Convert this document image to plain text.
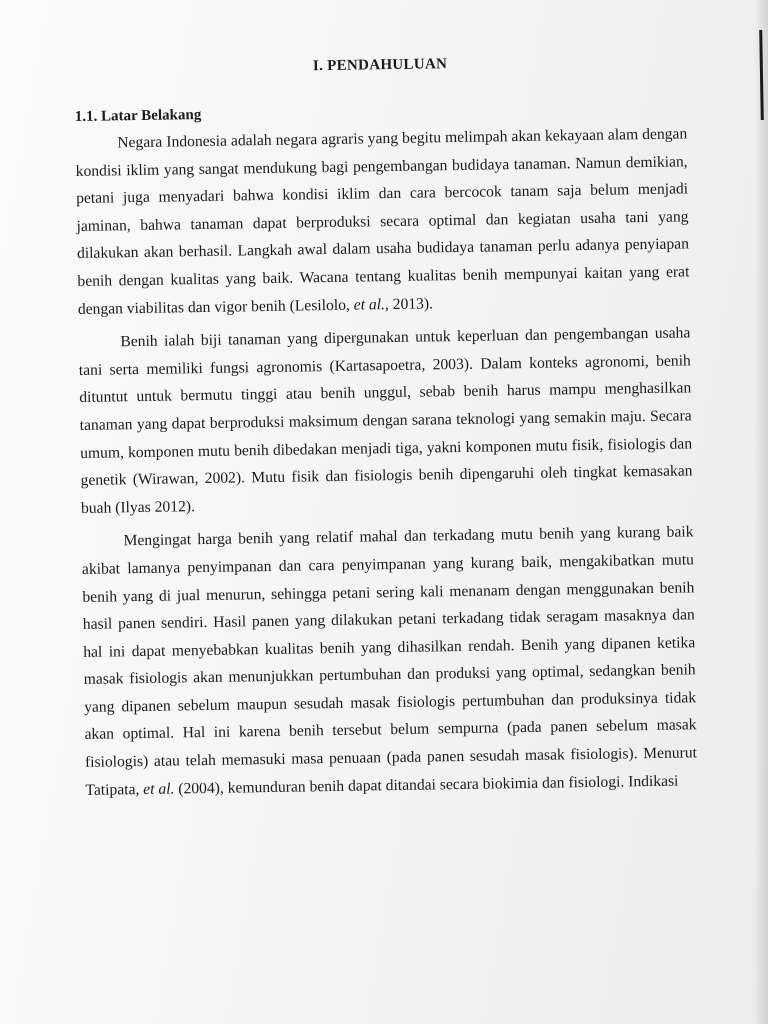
I. PENDAHULUAN
1.1. Latar Belakang

Negara Indonesia adalah negara agraris yang begitu melimpah akan kekayaan alam dengan kondisi iklim yang sangat mendukung bagi pengembangan budidaya tanaman. Namun demikian, petani juga menyadari bahwa kondisi iklim dan cara bercocok tanam saja belum menjadi jaminan, bahwa tanaman dapat berproduksi secara optimal dan kegiatan usaha tani yang dilakukan akan berhasil. Langkah awal dalam usaha budidaya tanaman perlu adanya penyiapan benih dengan kualitas yang baik. Wacana tentang kualitas benih mempunyai kaitan yang erat dengan viabilitas dan vigor benih (Lesilolo, et al., 2013).

Benih ialah biji tanaman yang dipergunakan untuk keperluan dan pengembangan usaha tani serta memiliki fungsi agronomis (Kartasapoetra, 2003). Dalam konteks agronomi, benih dituntut untuk bermutu tinggi atau benih unggul, sebab benih harus mampu menghasilkan tanaman yang dapat berproduksi maksimum dengan sarana teknologi yang semakin maju. Secara umum, komponen mutu benih dibedakan menjadi tiga, yakni komponen mutu fisik, fisiologis dan genetik (Wirawan, 2002). Mutu fisik dan fisiologis benih dipengaruhi oleh tingkat kemasakan buah (Ilyas 2012).

Mengingat harga benih yang relatif mahal dan terkadang mutu benih yang kurang baik akibat lamanya penyimpanan dan cara penyimpanan yang kurang baik, mengakibatkan mutu benih yang di jual menurun, sehingga petani sering kali menanam dengan menggunakan benih hasil panen sendiri. Hasil panen yang dilakukan petani terkadang tidak seragam masaknya dan hal ini dapat menyebabkan kualitas benih yang dihasilkan rendah. Benih yang dipanen ketika masak fisiologis akan menunjukkan pertumbuhan dan produksi yang optimal, sedangkan benih yang dipanen sebelum maupun sesudah masak fisiologis pertumbuhan dan produksinya tidak akan optimal. Hal ini karena benih tersebut belum sempurna (pada panen sebelum masak fisiologis) atau telah memasuki masa penuaan (pada panen sesudah masak fisiologis). Menurut Tatipata, et al. (2004), kemunduran benih dapat ditandai secara biokimia dan fisiologi. Indikasi
